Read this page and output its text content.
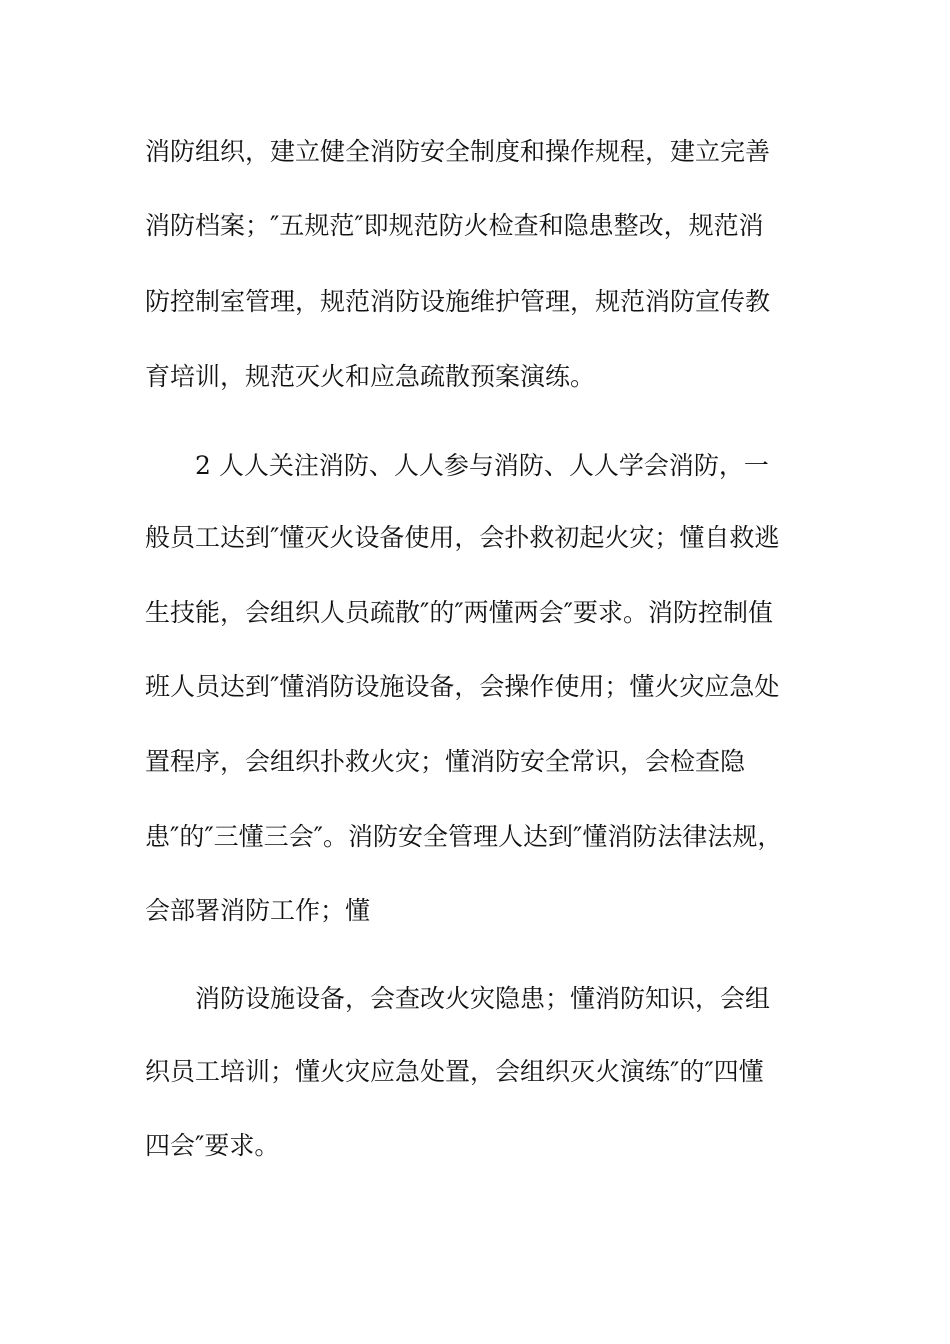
消防组织，建立健全消防安全制度和操作规程，建立完善
消防档案；″五规范″即规范防火检查和隐患整改，规范消
防控制室管理，规范消防设施维护管理，规范消防宣传教
育培训，规范灭火和应急疏散预案演练。
2 人人关注消防、人人参与消防、人人学会消防，一
般员工达到″懂灭火设备使用，会扑救初起火灾；懂自救逃
生技能，会组织人员疏散″的″两懂两会″要求。消防控制值
班人员达到″懂消防设施设备，会操作使用；懂火灾应急处
置程序，会组织扑救火灾；懂消防安全常识，会检查隐
患″的″三懂三会″。消防安全管理人达到″懂消防法律法规，
会部署消防工作；懂
消防设施设备，会查改火灾隐患；懂消防知识，会组
织员工培训；懂火灾应急处置，会组织灭火演练″的″四懂
四会″要求。
